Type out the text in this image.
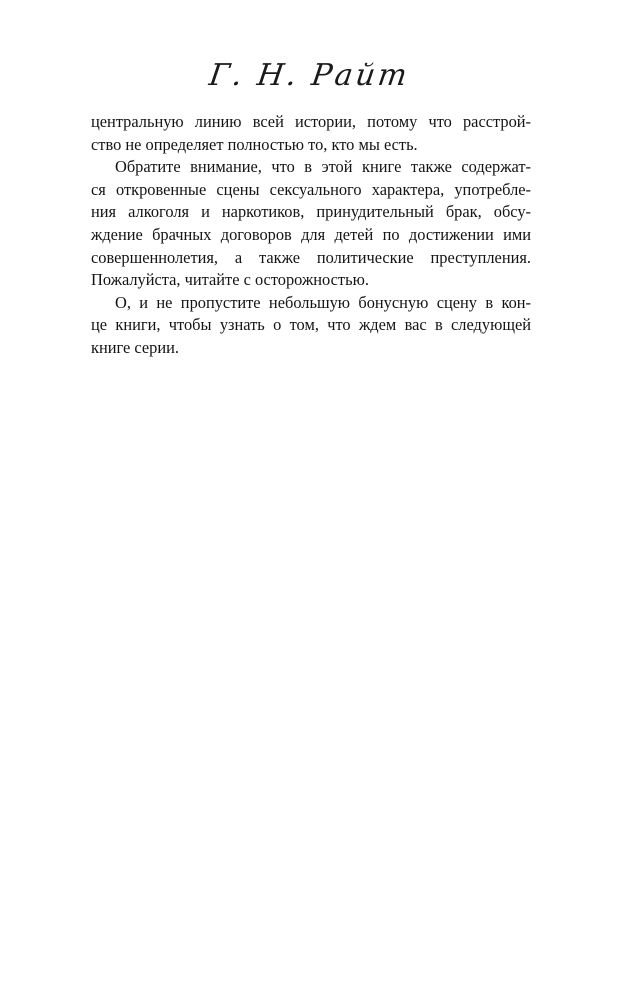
Г. Н. Райт
центральную линию всей истории, потому что расстрой-
ство не определяет полностью то, кто мы есть.
Обратите внимание, что в этой книге также содержат-
ся откровенные сцены сексуального характера, употребле-
ния алкоголя и наркотиков, принудительный брак, обсу-
ждение брачных договоров для детей по достижении ими
совершеннолетия, а также политические преступления.
Пожалуйста, читайте с осторожностью.
О, и не пропустите небольшую бонусную сцену в кон-
це книги, чтобы узнать о том, что ждем вас в следующей
книге серии.
